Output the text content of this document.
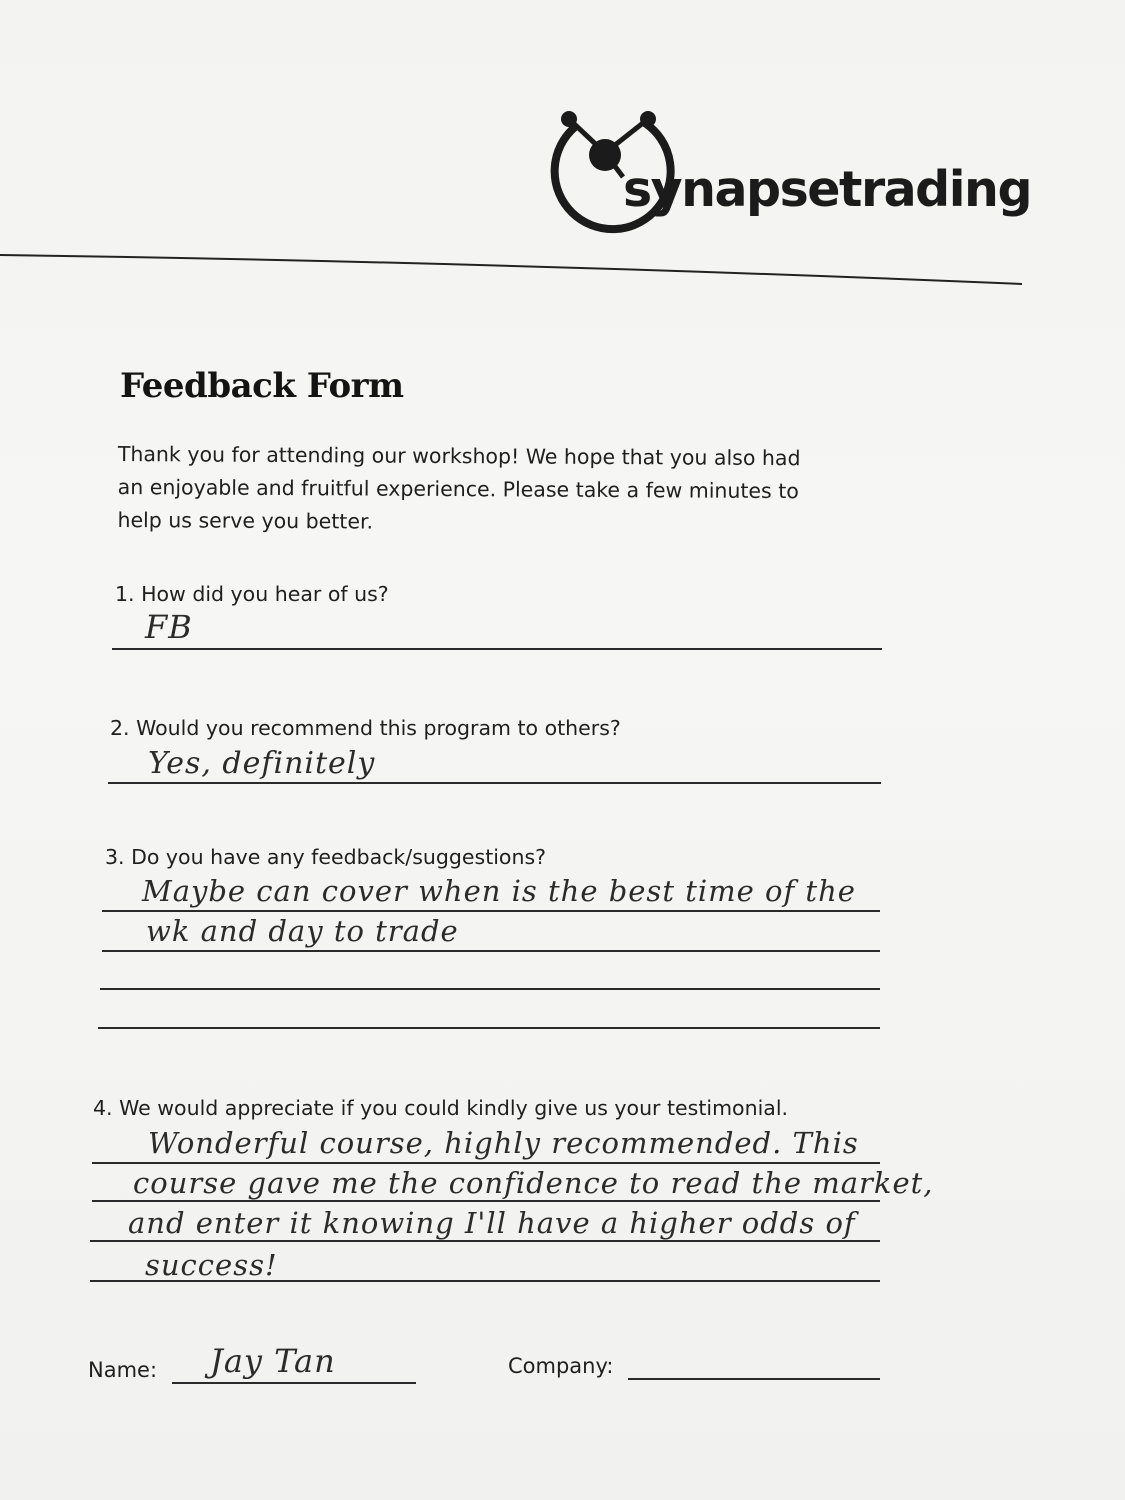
synapsetrading
Feedback Form
Thank you for attending our workshop! We hope that you also had
an enjoyable and fruitful experience. Please take a few minutes to
help us serve you better.
1. How did you hear of us?
FB
2. Would you recommend this program to others?
Yes, definitely
3. Do you have any feedback/suggestions?
Maybe can cover when is the best time of the
wk and day to trade
4. We would appreciate if you could kindly give us your testimonial.
Wonderful course, highly recommended. This
course gave me the confidence to read the market,
and enter it knowing I'll have a higher odds of
success!
Name: Jay Tan	Company:
